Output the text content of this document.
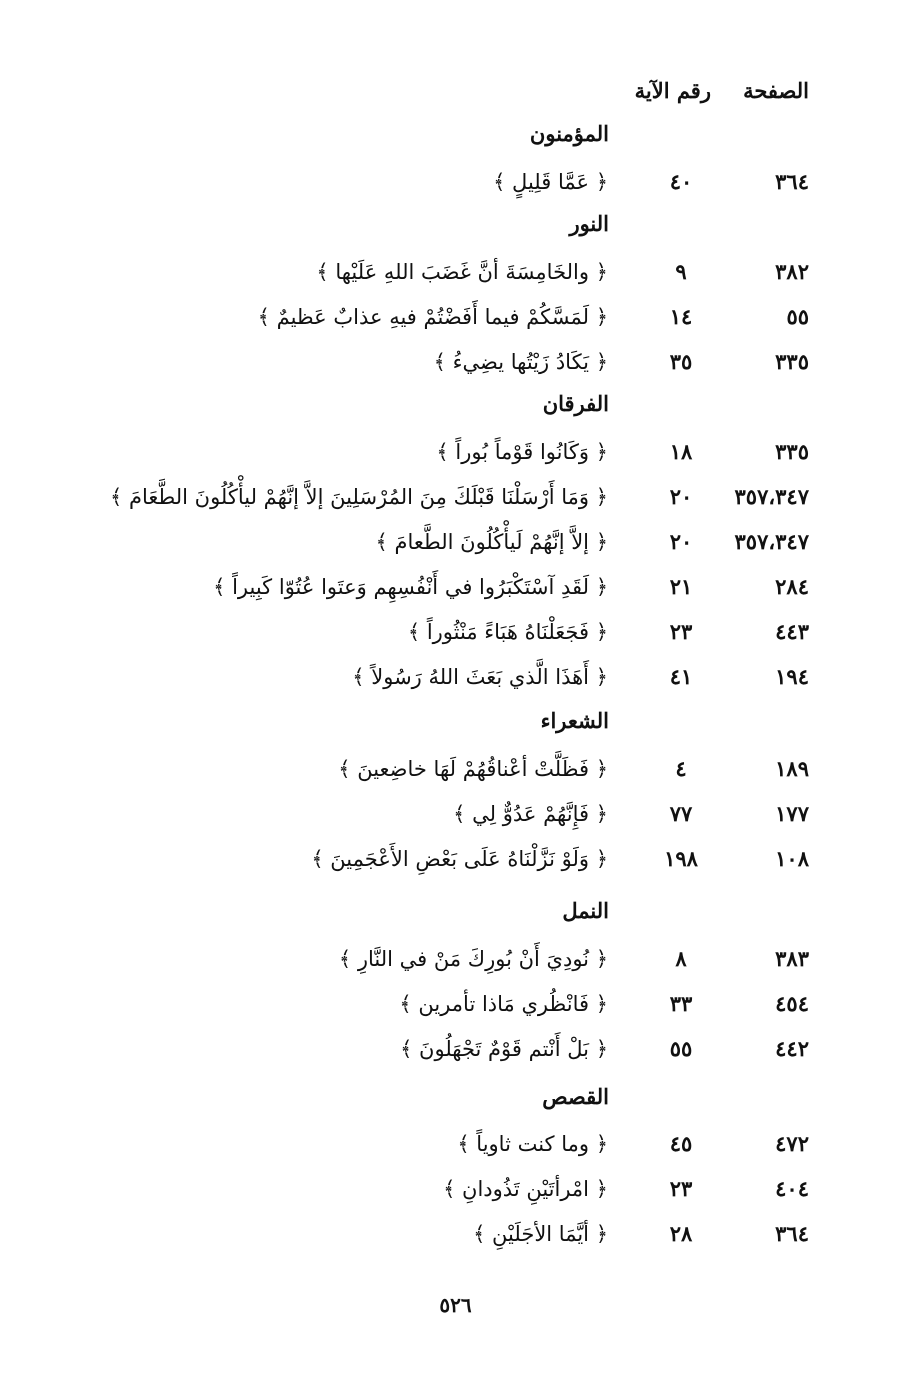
الصفحة
رقم الآية
المؤمنون
٣٦٤
٤٠
﴿ عَمَّا قَلِيلٍ ﴾
النور
٣٨٢
٩
﴿ والخَامِسَةَ أنَّ غَضَبَ اللهِ عَلَيْها ﴾
٥٥
١٤
﴿ لَمَسَّكُمْ فيما أَفَضْتُمْ فيهِ عذابٌ عَظيمٌ ﴾
٣٣٥
٣٥
﴿ يَكَادُ زَيْتُها يضِيءُ ﴾
الفرقان
٣٣٥
١٨
﴿ وَكَانُوا قَوْماً بُوراً ﴾
٣٥٧،٣٤٧
٢٠
﴿ وَمَا أَرْسَلْنَا قَبْلَكَ مِنَ المُرْسَلِينَ إلاَّ إنَّهُمْ ليأْكُلُونَ الطَّعَامَ ﴾
٣٥٧،٣٤٧
٢٠
﴿ إلاَّ إنَّهُمْ لَيأْكُلُونَ الطَّعامَ ﴾
٢٨٤
٢١
﴿ لَقَدِ آسْتَكْبَرُوا في أَنْفُسِهِم وَعتَوا عُتُوّا كَبِيراً ﴾
٤٤٣
٢٣
﴿ فَجَعَلْنَاهُ هَبَاءً مَنْثُوراً ﴾
١٩٤
٤١
﴿ أَهَذَا الَّذي بَعَثَ اللهُ رَسُولاً ﴾
الشعراء
١٨٩
٤
﴿ فَظَلَّتْ أعْناقُهُمْ لَهَا خاضِعينَ ﴾
١٧٧
٧٧
﴿ فَإِنَّهُمْ عَدُوٌّ لِي ﴾
١٠٨
١٩٨
﴿ وَلَوْ نَزَّلْنَاهُ عَلَى بَعْضِ الأَعْجَمِينَ ﴾
النمل
٣٨٣
٨
﴿ نُودِيَ أَنْ بُورِكَ مَنْ في النَّارِ ﴾
٤٥٤
٣٣
﴿ فَانْظُري مَاذا تأمرين ﴾
٤٤٢
٥٥
﴿ بَلْ أَنْتم قَوْمٌ تَجْهَلُونَ ﴾
القصص
٤٧٢
٤٥
﴿ وما كنت ثاوياً ﴾
٤٠٤
٢٣
﴿ امْرأتَيْنِ تَذُودانِ ﴾
٣٦٤
٢٨
﴿ أيَّمَا الأجَلَيْنِ ﴾
٥٢٦
